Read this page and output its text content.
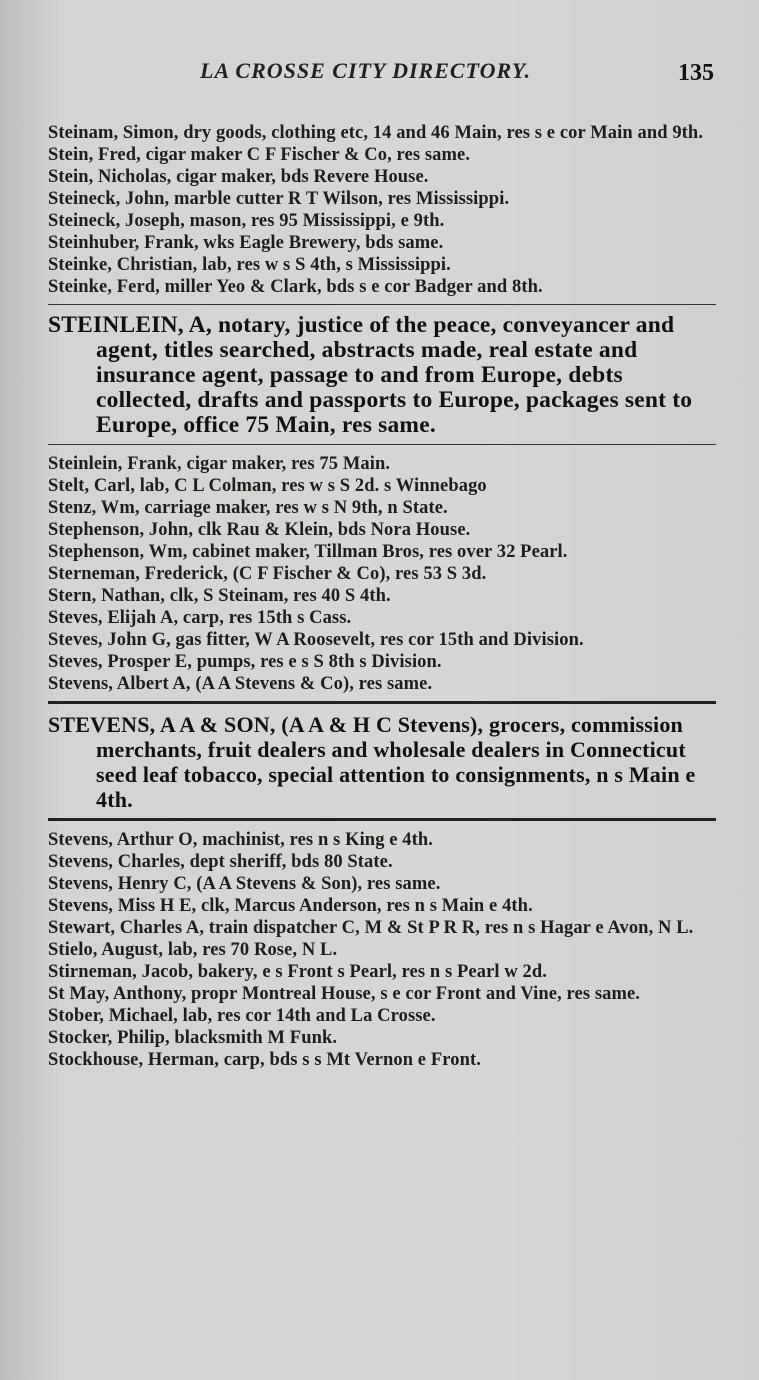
LA CROSSE CITY DIRECTORY.	135

Steinam, Simon, dry goods, clothing etc, 14 and 46 Main, res s e cor Main and 9th.

Stein, Fred, cigar maker C F Fischer & Co, res same.

Stein, Nicholas, cigar maker, bds Revere House.

Steineck, John, marble cutter R T Wilson, res Mississippi.

Steineck, Joseph, mason, res 95 Mississippi, e 9th.

Steinhuber, Frank, wks Eagle Brewery, bds same.

Steinke, Christian, lab, res w s S 4th, s Mississippi.

Steinke, Ferd, miller Yeo & Clark, bds s e cor Badger and 8th.

STEINLEIN, A, notary, justice of the peace, conveyancer and agent, titles searched, abstracts made, real estate and insurance agent, passage to and from Europe, debts collected, drafts and passports to Europe, packages sent to Europe, office 75 Main, res same.

Steinlein, Frank, cigar maker, res 75 Main.

Stelt, Carl, lab, C L Colman, res w s S 2d. s Winnebago

Stenz, Wm, carriage maker, res w s N 9th, n State.

Stephenson, John, clk Rau & Klein, bds Nora House.

Stephenson, Wm, cabinet maker, Tillman Bros, res over 32 Pearl.

Sterneman, Frederick, (C F Fischer & Co), res 53 S 3d.

Stern, Nathan, clk, S Steinam, res 40 S 4th.

Steves, Elijah A, carp, res 15th s Cass.

Steves, John G, gas fitter, W A Roosevelt, res cor 15th and Division.

Steves, Prosper E, pumps, res e s S 8th s Division.

Stevens, Albert A, (A A Stevens & Co), res same.

STEVENS, A A & SON, (A A & H C Stevens), grocers, commission merchants, fruit dealers and wholesale dealers in Connecticut seed leaf tobacco, special attention to consignments, n s Main e 4th.

Stevens, Arthur O, machinist, res n s King e 4th.

Stevens, Charles, dept sheriff, bds 80 State.

Stevens, Henry C, (A A Stevens & Son), res same.

Stevens, Miss H E, clk, Marcus Anderson, res n s Main e 4th.

Stewart, Charles A, train dispatcher C, M & St P R R, res n s Hagar e Avon, N L.

Stielo, August, lab, res 70 Rose, N L.

Stirneman, Jacob, bakery, e s Front s Pearl, res n s Pearl w 2d.

St May, Anthony, propr Montreal House, s e cor Front and Vine, res same.

Stober, Michael, lab, res cor 14th and La Crosse.

Stocker, Philip, blacksmith M Funk.

Stockhouse, Herman, carp, bds s s Mt Vernon e Front.
